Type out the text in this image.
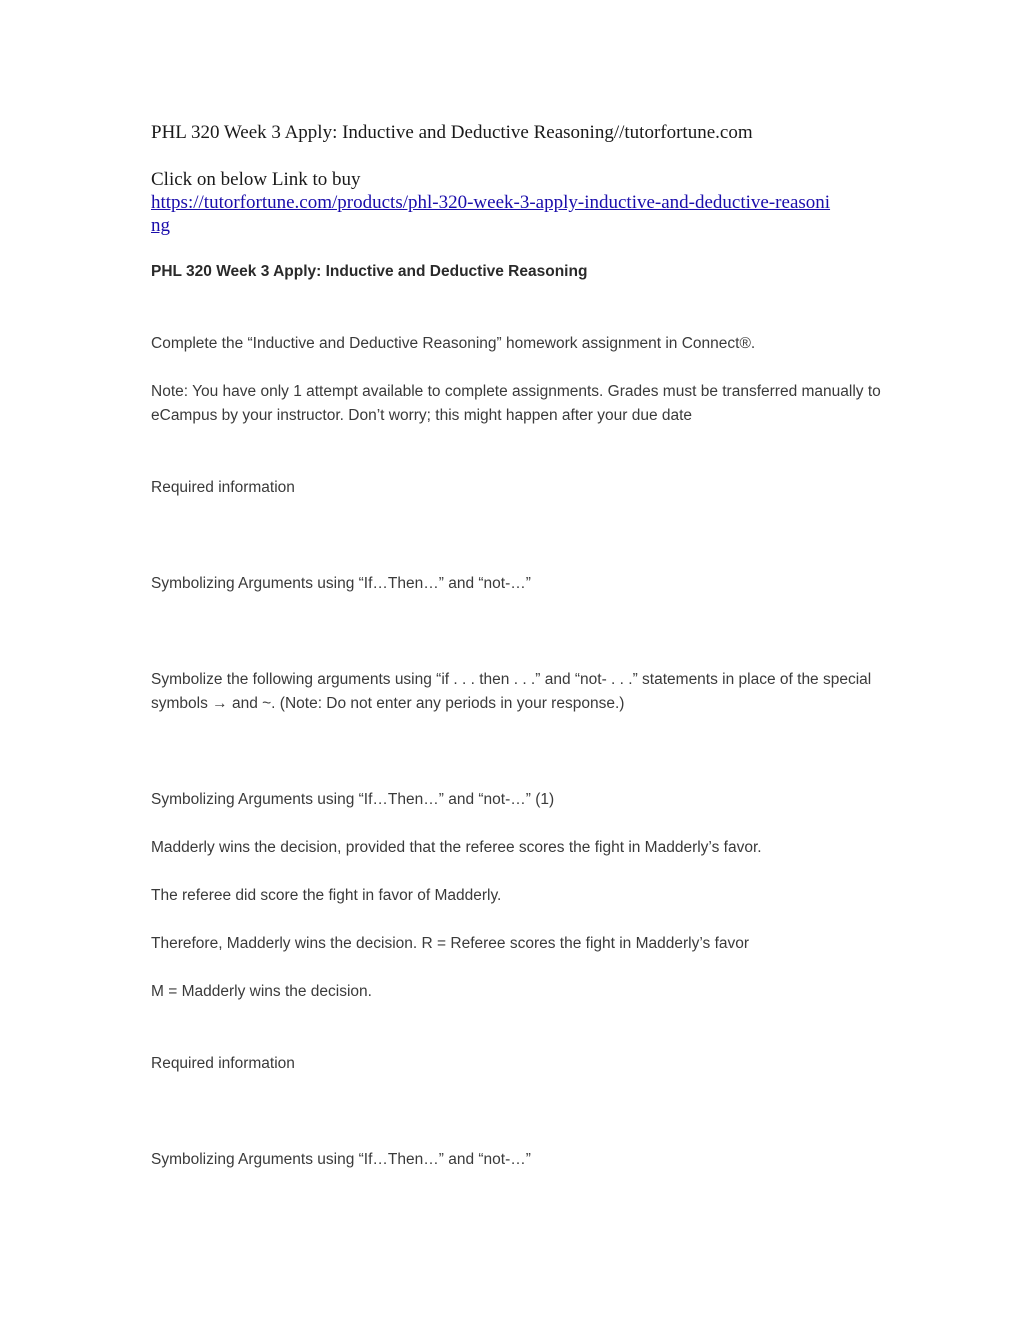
PHL 320 Week 3 Apply: Inductive and Deductive Reasoning//tutorfortune.com

Click on below Link to buy

https://tutorfortune.com/products/phl-320-week-3-apply-inductive-and-deductive-reasoning

PHL 320 Week 3 Apply: Inductive and Deductive Reasoning

Complete the “Inductive and Deductive Reasoning” homework assignment in Connect®.

Note: You have only 1 attempt available to complete assignments. Grades must be transferred manually to eCampus by your instructor. Don’t worry; this might happen after your due date

Required information

Symbolizing Arguments using “If…Then…” and “not-…”

Symbolize the following arguments using “if . . . then . . .” and “not- . . .” statements in place of the special symbols → and ~. (Note: Do not enter any periods in your response.)

Symbolizing Arguments using “If…Then…” and “not-…” (1)

Madderly wins the decision, provided that the referee scores the fight in Madderly’s favor.

The referee did score the fight in favor of Madderly.

Therefore, Madderly wins the decision. R = Referee scores the fight in Madderly’s favor

M = Madderly wins the decision.

Required information

Symbolizing Arguments using “If…Then…” and “not-…”
